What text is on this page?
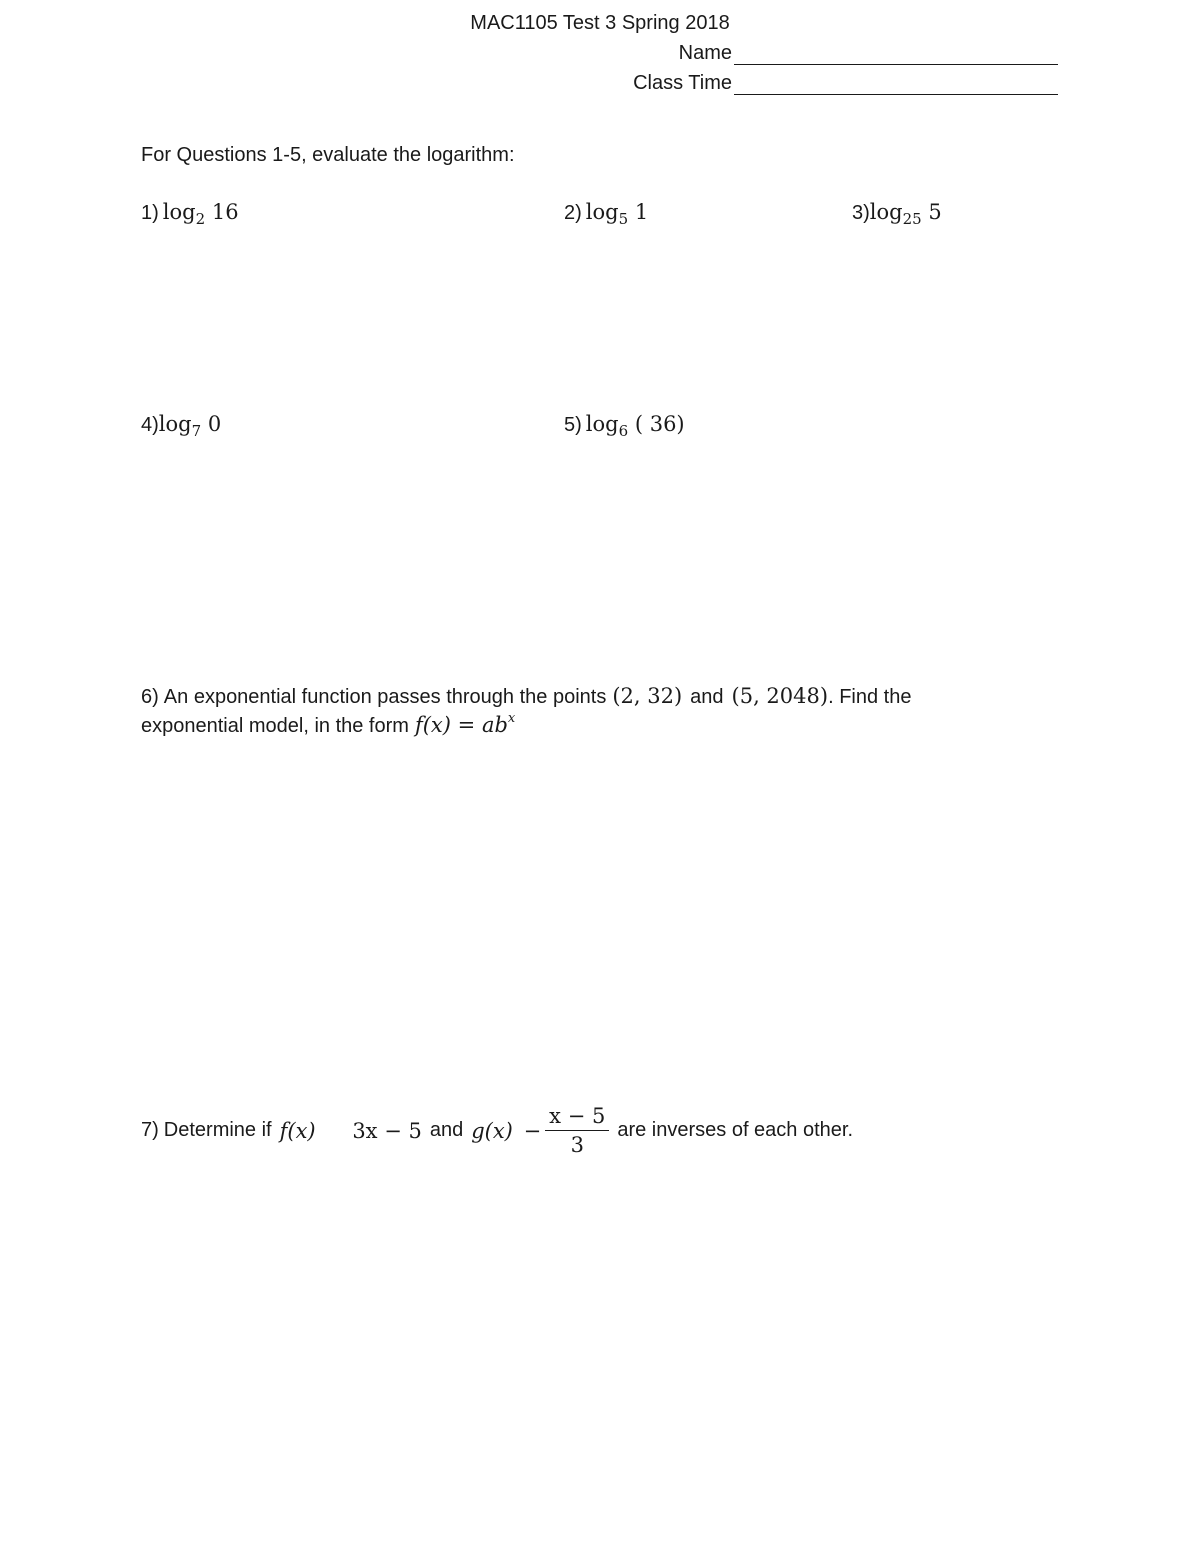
MAC1105 Test 3 Spring 2018
Name
Class Time
For Questions 1-5, evaluate the logarithm:
1) $\log_2 16$	2) $\log_5 1$	3) $\log_{25} 5$
4) $\log_7 0$	5) $\log_6$ ( 36)
6) An exponential function passes through the points (2, 32) and (5, 2048) . Find the
exponential model, in the form $f(x) = ab^x$
7) Determine if f(x) 3x − 5 and $g(x) - \frac{x - 5}{3}$ are inverses of each other.
